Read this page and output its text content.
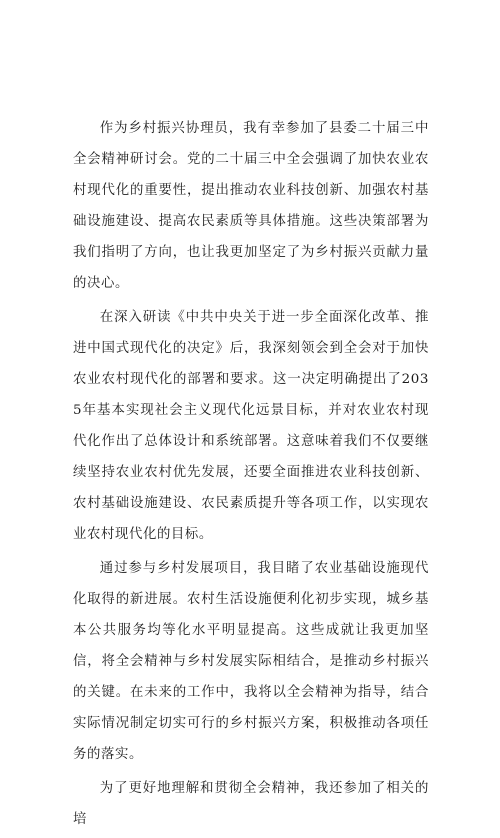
作为乡村振兴协理员，我有幸参加了县委二十届三中全会精神研讨会。党的二十届三中全会强调了加快农业农村现代化的重要性，提出推动农业科技创新、加强农村基础设施建设、提高农民素质等具体措施。这些决策部署为我们指明了方向，也让我更加坚定了为乡村振兴贡献力量的决心。

在深入研读《中共中央关于进一步全面深化改革、推进中国式现代化的决定》后，我深刻领会到全会对于加快农业农村现代化的部署和要求。这一决定明确提出了2035年基本实现社会主义现代化远景目标，并对农业农村现代化作出了总体设计和系统部署。这意味着我们不仅要继续坚持农业农村优先发展，还要全面推进农业科技创新、农村基础设施建设、农民素质提升等各项工作，以实现农业农村现代化的目标。

通过参与乡村发展项目，我目睹了农业基础设施现代化取得的新进展。农村生活设施便利化初步实现，城乡基本公共服务均等化水平明显提高。这些成就让我更加坚信，将全会精神与乡村发展实际相结合，是推动乡村振兴的关键。在未来的工作中，我将以全会精神为指导，结合实际情况制定切实可行的乡村振兴方案，积极推动各项任务的落实。

为了更好地理解和贯彻全会精神，我还参加了相关的培
